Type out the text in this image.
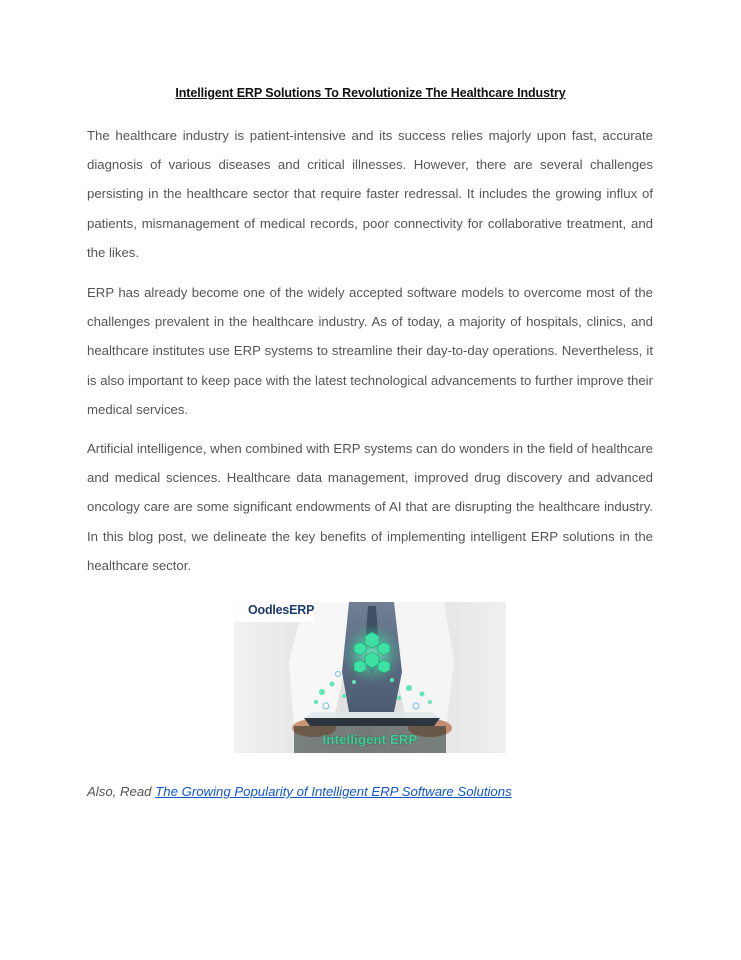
Intelligent ERP Solutions To Revolutionize The Healthcare Industry

The healthcare industry is patient-intensive and its success relies majorly upon fast, accurate diagnosis of various diseases and critical illnesses. However, there are several challenges persisting in the healthcare sector that require faster redressal. It includes the growing influx of patients, mismanagement of medical records, poor connectivity for collaborative treatment, and the likes.

ERP has already become one of the widely accepted software models to overcome most of the challenges prevalent in the healthcare industry. As of today, a majority of hospitals, clinics, and healthcare institutes use ERP systems to streamline their day-to-day operations. Nevertheless, it is also important to keep pace with the latest technological advancements to further improve their medical services.

Artificial intelligence, when combined with ERP systems can do wonders in the field of healthcare and medical sciences. Healthcare data management, improved drug discovery and advanced oncology care are some significant endowments of AI that are disrupting the healthcare industry. In this blog post, we delineate the key benefits of implementing intelligent ERP solutions in the healthcare sector.

OodlesERP
Intelligent ERP
Also, Read The Growing Popularity of Intelligent ERP Software Solutions
